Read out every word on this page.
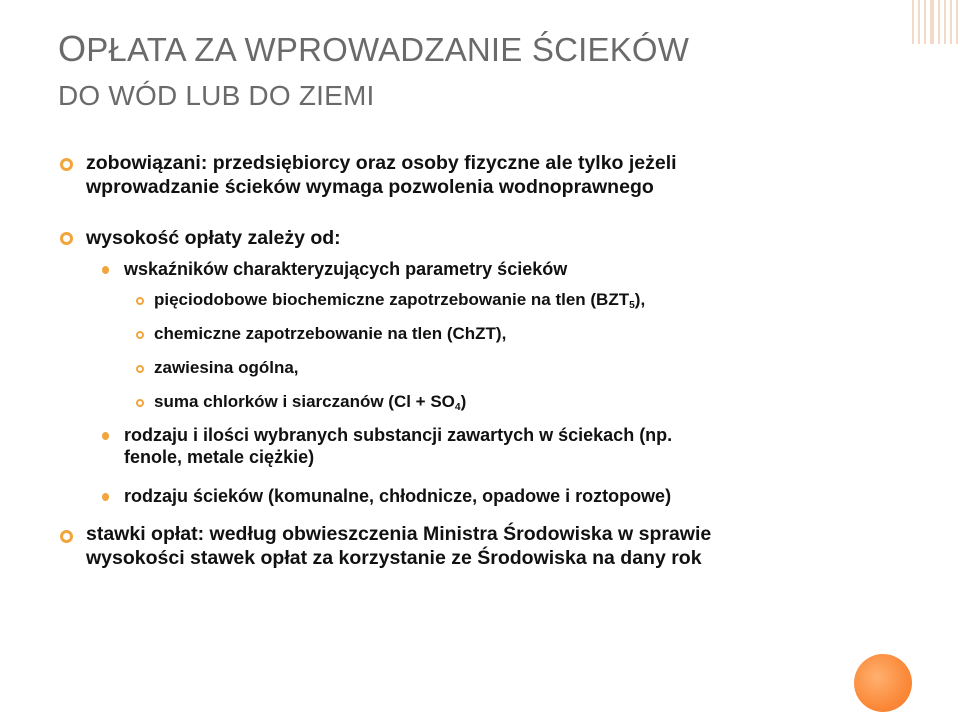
OPŁATA ZA WPROWADZANIE ŚCIEKÓW
DO WÓD LUB DO ZIEMI
zobowiązani: przedsiębiorcy oraz osoby fizyczne ale tylko jeżeli
wprowadzanie ścieków wymaga pozwolenia wodnoprawnego
wysokość opłaty zależy od:
wskaźników charakteryzujących parametry ścieków
pięciodobowe biochemiczne zapotrzebowanie na tlen $(BZT_5)$,
chemiczne zapotrzebowanie na tlen (ChZT),
zawiesina ogólna,
suma chlorków i siarczanów $(Cl + SO_4)$
rodzaju i ilości wybranych substancji zawartych w ściekach (np.
fenole, metale ciężkie)
rodzaju ścieków (komunalne, chłodnicze, opadowe i roztopowe)
stawki opłat: według obwieszczenia Ministra Środowiska w sprawie
wysokości stawek opłat za korzystanie ze Środowiska na dany rok
